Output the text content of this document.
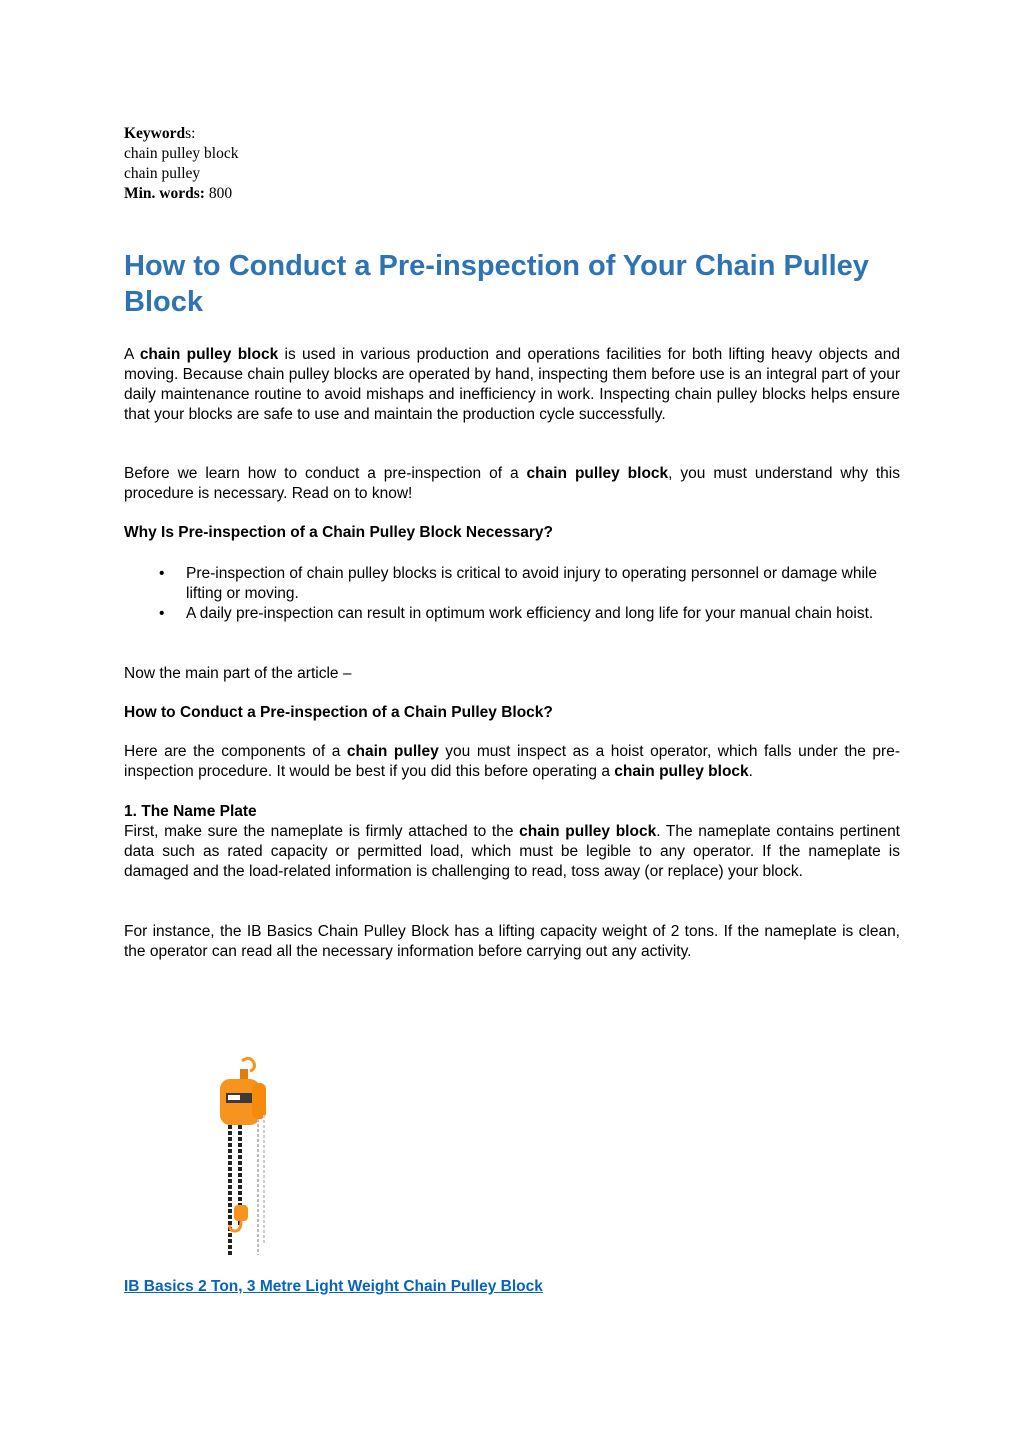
Keywords:
chain pulley block
chain pulley
Min. words: 800
How to Conduct a Pre-inspection of Your Chain Pulley Block

A chain pulley block is used in various production and operations facilities for both lifting heavy objects and moving. Because chain pulley blocks are operated by hand, inspecting them before use is an integral part of your daily maintenance routine to avoid mishaps and inefficiency in work. Inspecting chain pulley blocks helps ensure that your blocks are safe to use and maintain the production cycle successfully.

Before we learn how to conduct a pre-inspection of a chain pulley block, you must understand why this procedure is necessary. Read on to know!

Why Is Pre-inspection of a Chain Pulley Block Necessary?

• Pre-inspection of chain pulley blocks is critical to avoid injury to operating personnel or damage while lifting or moving.
• A daily pre-inspection can result in optimum work efficiency and long life for your manual chain hoist.

Now the main part of the article –

How to Conduct a Pre-inspection of a Chain Pulley Block?

Here are the components of a chain pulley you must inspect as a hoist operator, which falls under the pre-inspection procedure. It would be best if you did this before operating a chain pulley block.

1. The Name Plate

First, make sure the nameplate is firmly attached to the chain pulley block. The nameplate contains pertinent data such as rated capacity or permitted load, which must be legible to any operator. If the nameplate is damaged and the load-related information is challenging to read, toss away (or replace) your block.

For instance, the IB Basics Chain Pulley Block has a lifting capacity weight of 2 tons. If the nameplate is clean, the operator can read all the necessary information before carrying out any activity.

IB Basics 2 Ton, 3 Metre Light Weight Chain Pulley Block
